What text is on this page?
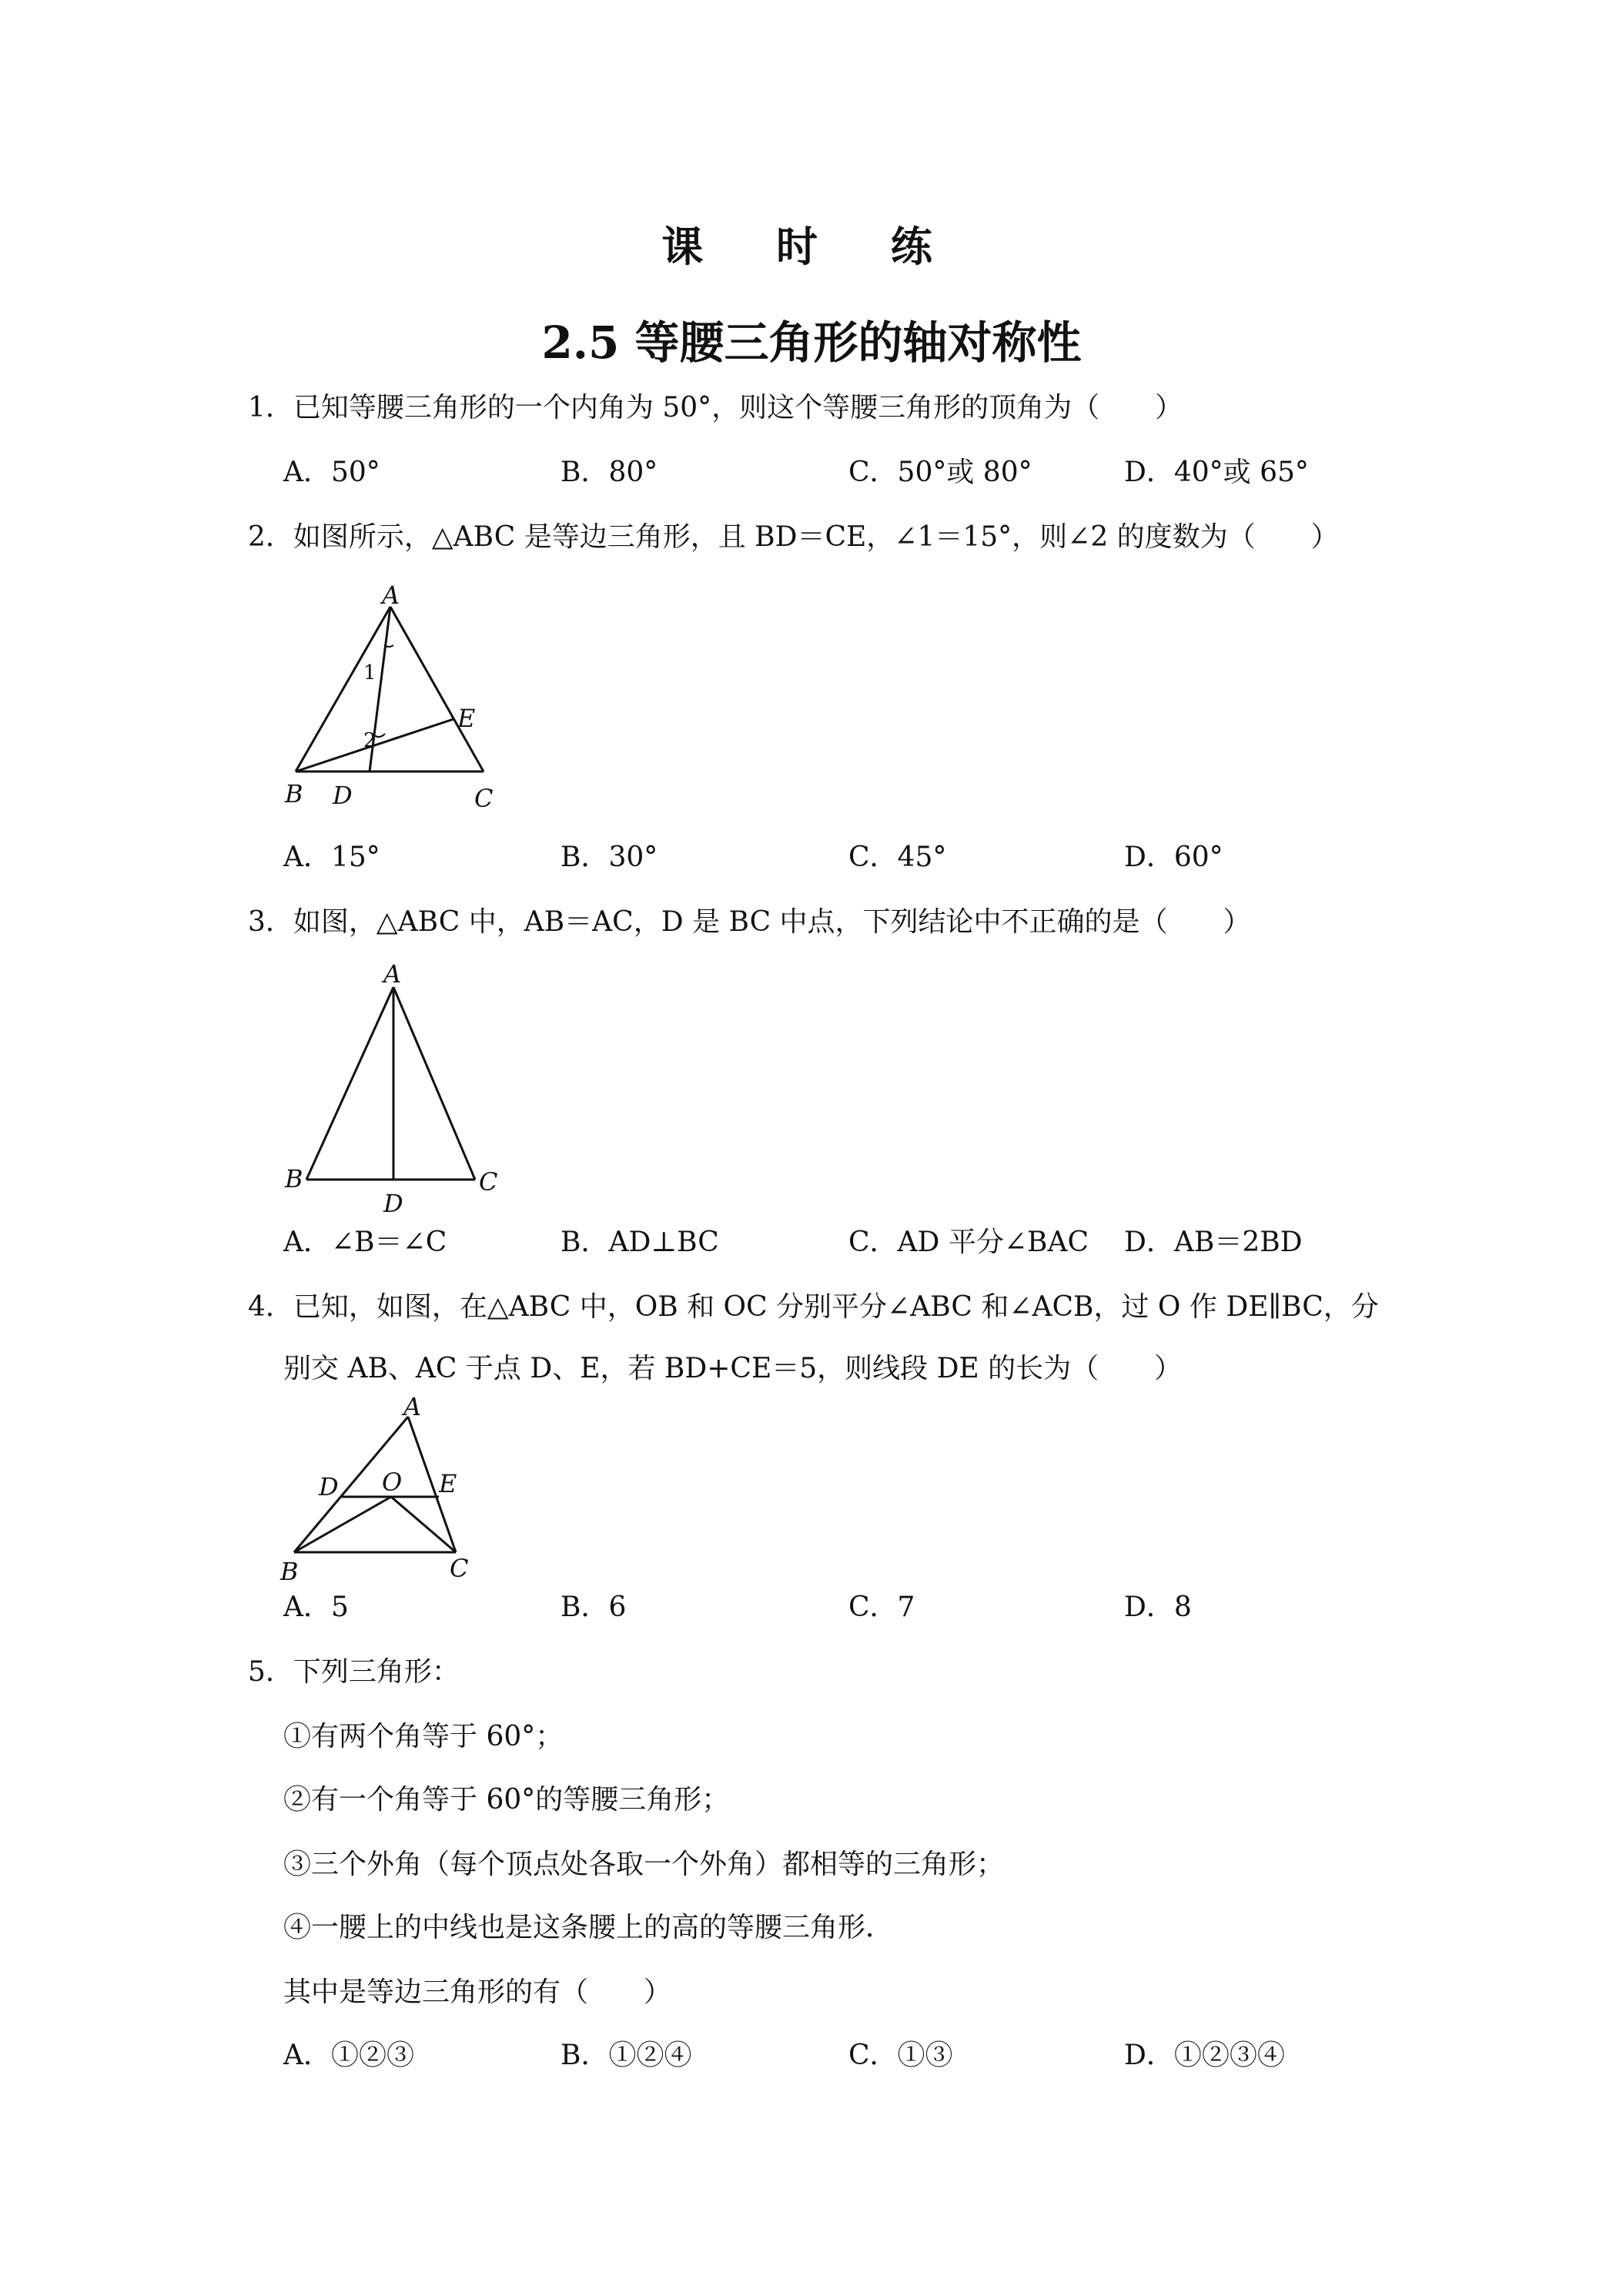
课 时 练
2.5 等腰三角形的轴对称性
1．已知等腰三角形的一个内角为 50°，则这个等腰三角形的顶角为（　　）
A．50°	B．80°	C．50°或 80°	D．40°或 65°
2．如图所示，△ABC 是等边三角形，且 BD＝CE，∠1＝15°，则∠2 的度数为（　　）
A
B	C
D
E
1
2
A．15°	B．30°	C．45°	D．60°
3．如图，△ABC 中，AB＝AC，D 是 BC 中点，下列结论中不正确的是（　　）
A
B	C
D
A．∠B＝∠C	B．AD⊥BC	C．AD 平分∠BAC D．AB＝2BD
4．已知，如图，在△ABC 中，OB 和 OC 分别平分∠ABC 和∠ACB，过 O 作 DE∥BC，分
别交 AB、AC 于点 D、E，若 BD+CE＝5，则线段 DE 的长为（　　）
A
B	C
D	E
O
A．5	B．6	C．7	D．8
5．下列三角形：
①有两个角等于 60°；
②有一个角等于 60°的等腰三角形；
③三个外角（每个顶点处各取一个外角）都相等的三角形；
④一腰上的中线也是这条腰上的高的等腰三角形．
其中是等边三角形的有（　　）
A．①②③	B．①②④	C．①③	D．①②③④
